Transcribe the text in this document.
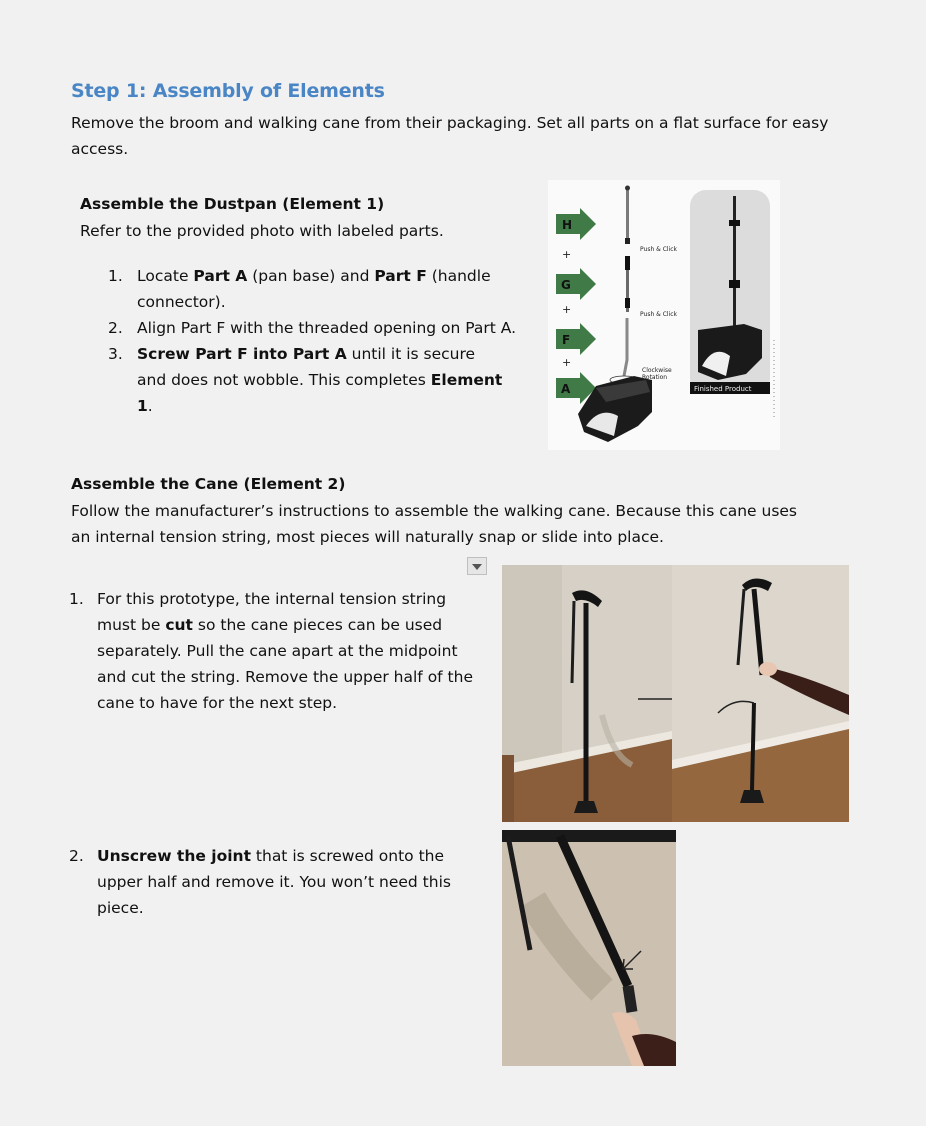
Step 1: Assembly of Elements
Remove the broom and walking cane from their packaging. Set all parts on a flat surface for easy access.
Assemble the Dustpan (Element 1)
Refer to the provided photo with labeled parts.
1. Locate Part A (pan base) and Part F (handle connector).
2. Align Part F with the threaded opening on Part A.
3. Screw Part F into Part A until it is secure and does not wobble. This completes Element 1.
H
G
F
A
+
+
+
Push & Click
Push & Click
Clockwise
Rotation
Finished Product
Assemble the Cane (Element 2)
Follow the manufacturer’s instructions to assemble the walking cane. Because this cane uses an internal tension string, most pieces will naturally snap or slide into place.
1. For this prototype, the internal tension string must be cut so the cane pieces can be used separately. Pull the cane apart at the midpoint and cut the string. Remove the upper half of the cane to have for the next step.
2. Unscrew the joint that is screwed onto the upper half and remove it. You won’t need this piece.
